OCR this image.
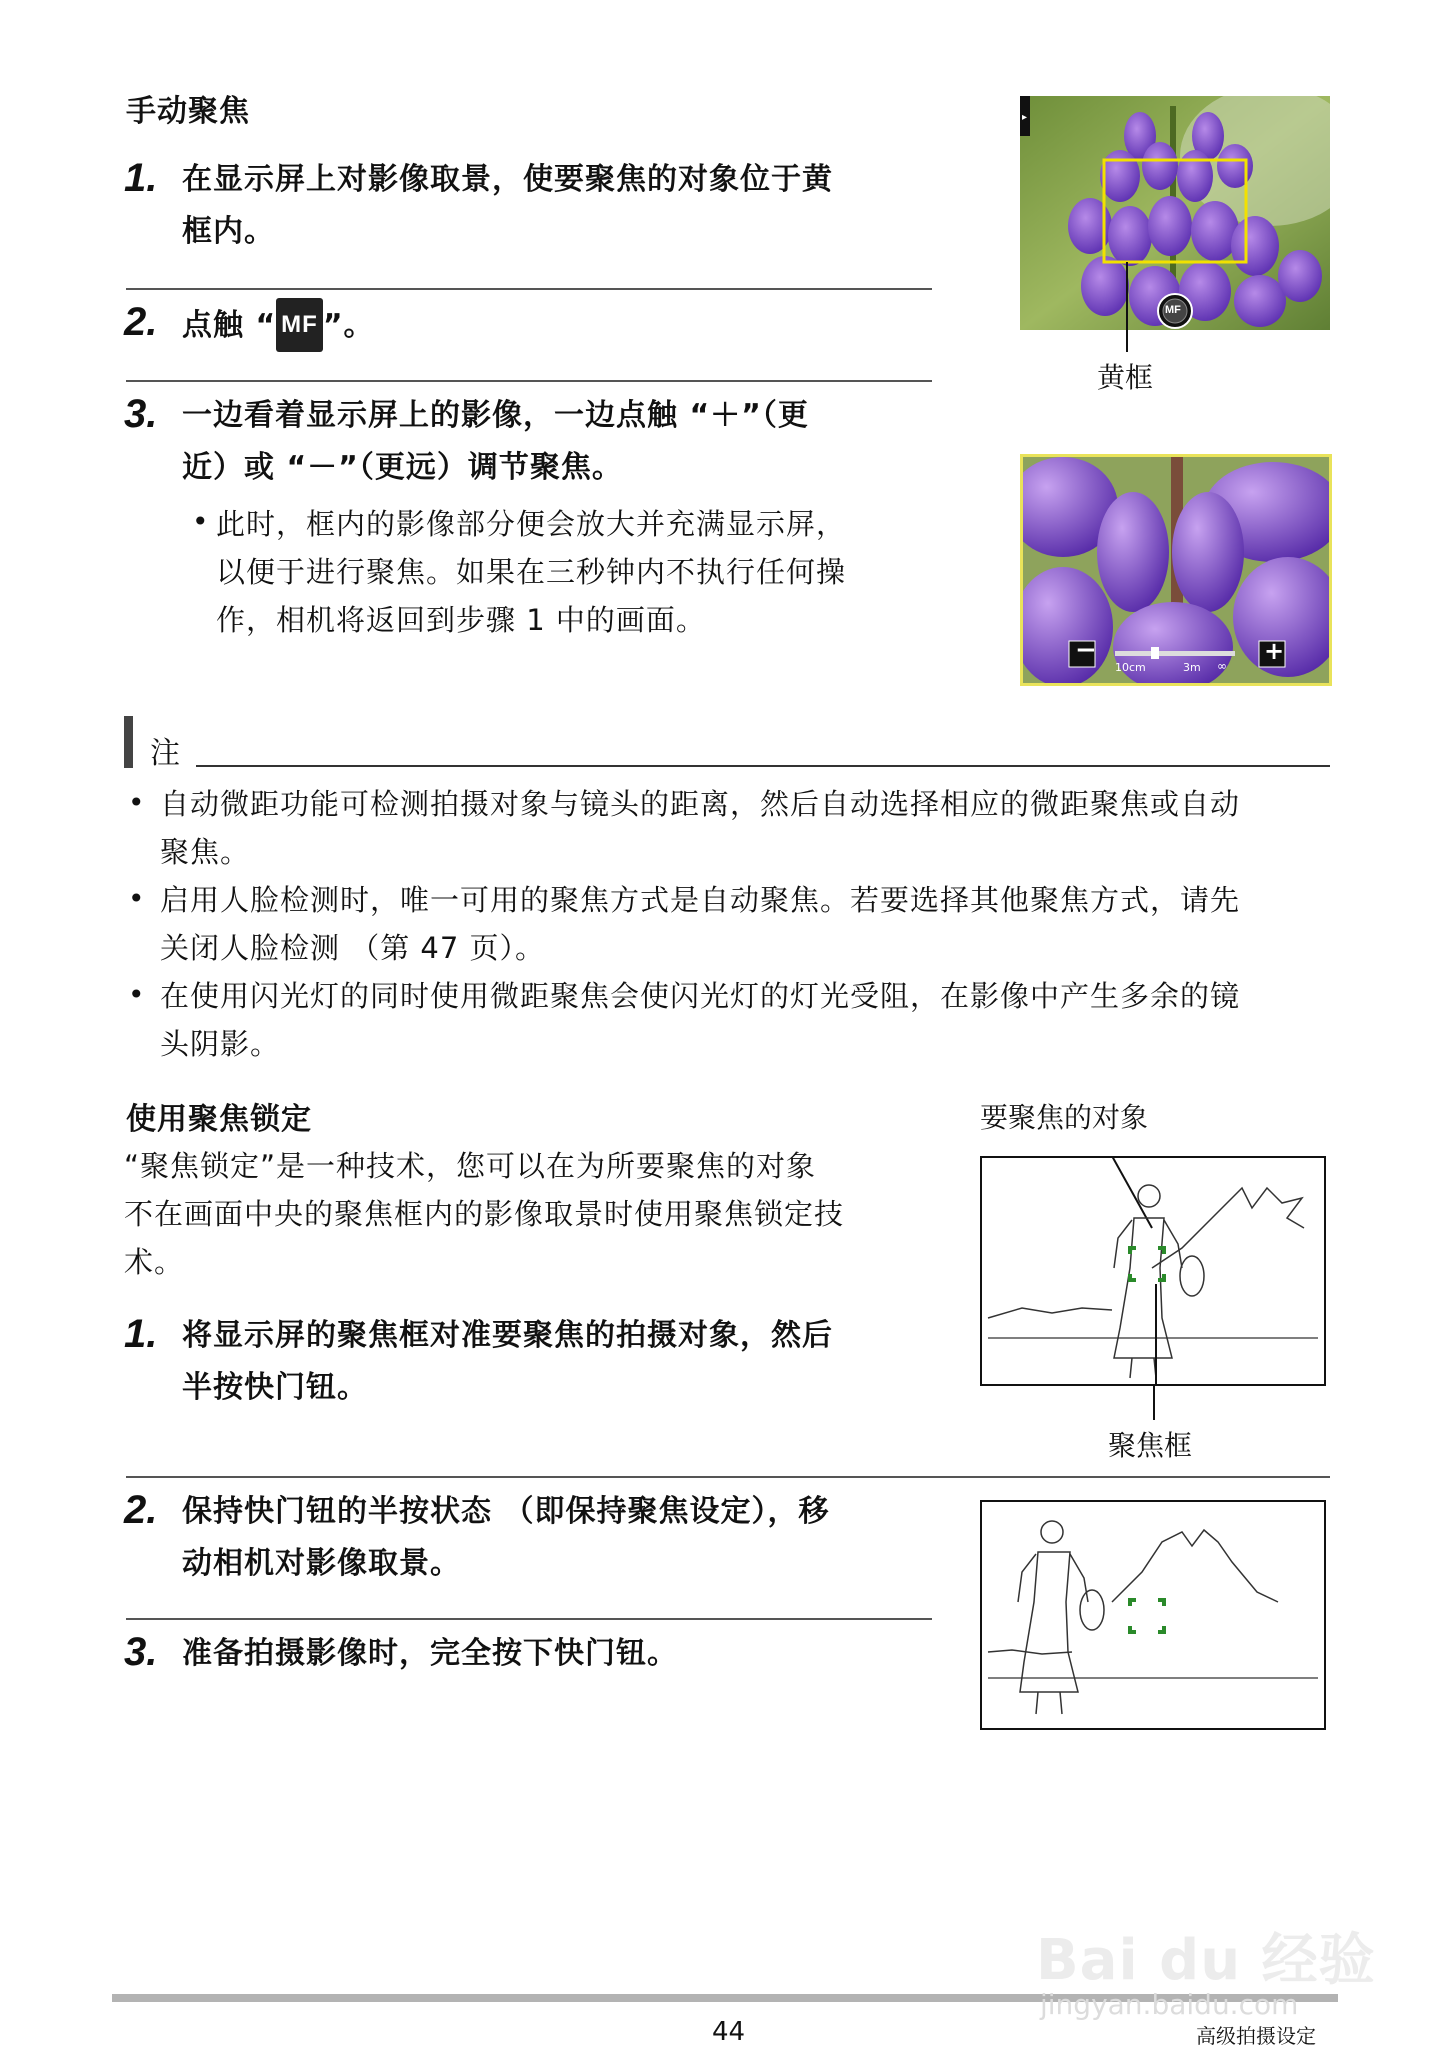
手动聚焦
1. 在显示屏上对影像取景，使要聚焦的对象位于黄
框内。
2. 点触 “ MF ”。
3. 一边看着显示屏上的影像，一边点触 “＋”（更
近）或 “－”（更远）调节聚焦。
• 此时，框内的影像部分便会放大并充满显示屏，
以便于进行聚焦。如果在三秒钟内不执行任何操
作，相机将返回到步骤 1 中的画面。
▸
MF
黄框
−	+
10cm	3m ∞
注
• 自动微距功能可检测拍摄对象与镜头的距离，然后自动选择相应的微距聚焦或自动
聚焦。
• 启用人脸检测时，唯一可用的聚焦方式是自动聚焦。若要选择其他聚焦方式，请先
关闭人脸检测 （第 47 页）。
• 在使用闪光灯的同时使用微距聚焦会使闪光灯的灯光受阻，在影像中产生多余的镜
头阴影。
使用聚焦锁定
“聚焦锁定”是一种技术，您可以在为所要聚焦的对象
不在画面中央的聚焦框内的影像取景时使用聚焦锁定技
术。
1. 将显示屏的聚焦框对准要聚焦的拍摄对象，然后
半按快门钮。
2. 保持快门钮的半按状态 （即保持聚焦设定），移
动相机对影像取景。
3. 准备拍摄影像时，完全按下快门钮。
要聚焦的对象
聚焦框
44	高级拍摄设定
Bai du 经验
jingyan.baidu.com
